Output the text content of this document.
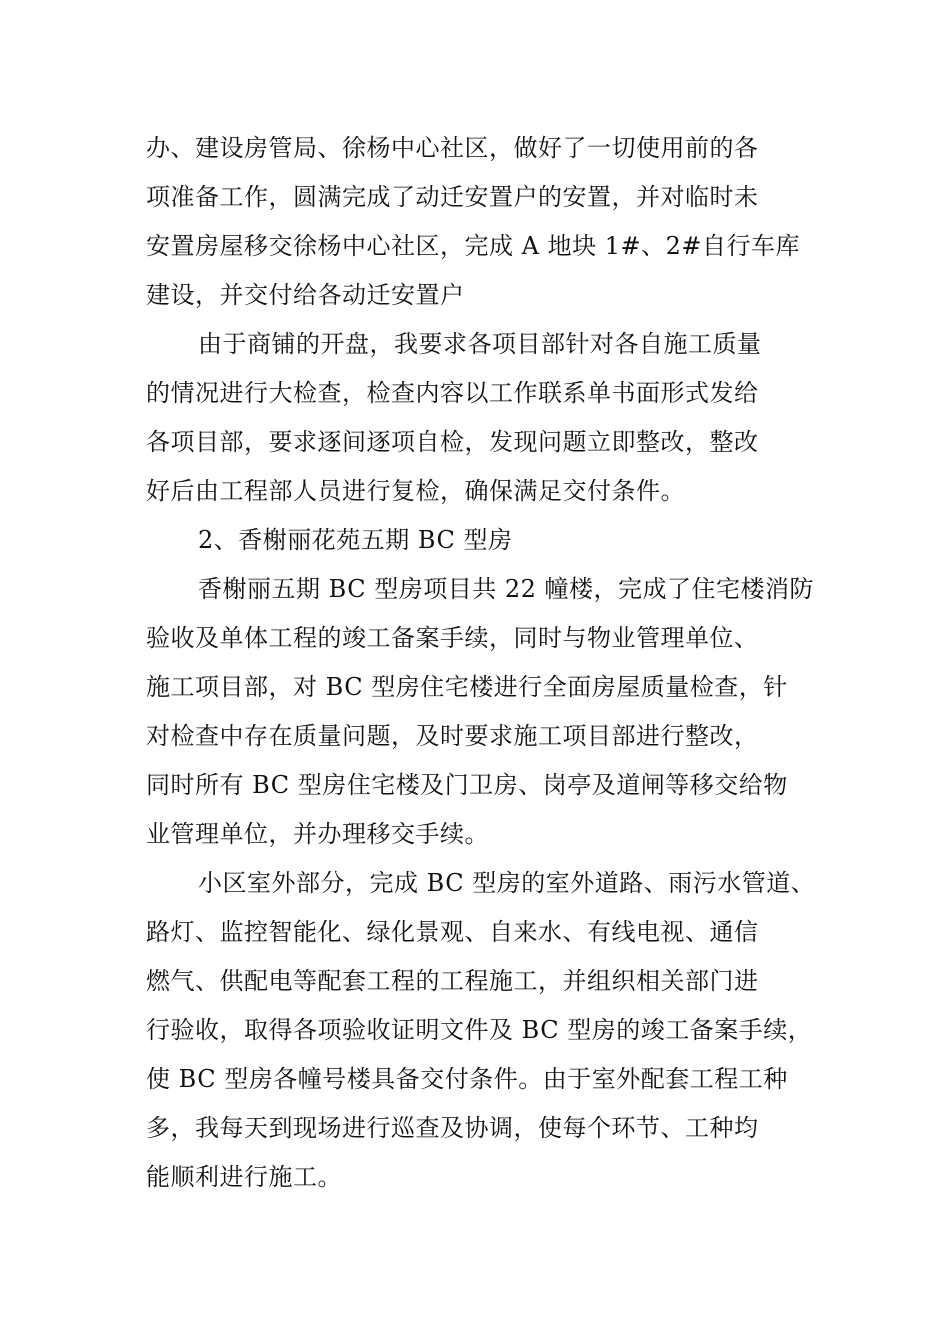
办、建设房管局、徐杨中心社区，做好了一切使用前的各
项准备工作，圆满完成了动迁安置户的安置，并对临时未
安置房屋移交徐杨中心社区，完成 A 地块 1#、2#自行车库
建设，并交付给各动迁安置户
由于商铺的开盘，我要求各项目部针对各自施工质量
的情况进行大检查，检查内容以工作联系单书面形式发给
各项目部，要求逐间逐项自检，发现问题立即整改，整改
好后由工程部人员进行复检，确保满足交付条件。
2、香榭丽花苑五期 BC 型房
香榭丽五期 BC 型房项目共 22 幢楼，完成了住宅楼消防
验收及单体工程的竣工备案手续，同时与物业管理单位、
施工项目部，对 BC 型房住宅楼进行全面房屋质量检查，针
对检查中存在质量问题，及时要求施工项目部进行整改，
同时所有 BC 型房住宅楼及门卫房、岗亭及道闸等移交给物
业管理单位，并办理移交手续。
小区室外部分，完成 BC 型房的室外道路、雨污水管道、
路灯、监控智能化、绿化景观、自来水、有线电视、通信
燃气、供配电等配套工程的工程施工，并组织相关部门进
行验收，取得各项验收证明文件及 BC 型房的竣工备案手续，
使 BC 型房各幢号楼具备交付条件。由于室外配套工程工种
多，我每天到现场进行巡查及协调，使每个环节、工种均
能顺利进行施工。
